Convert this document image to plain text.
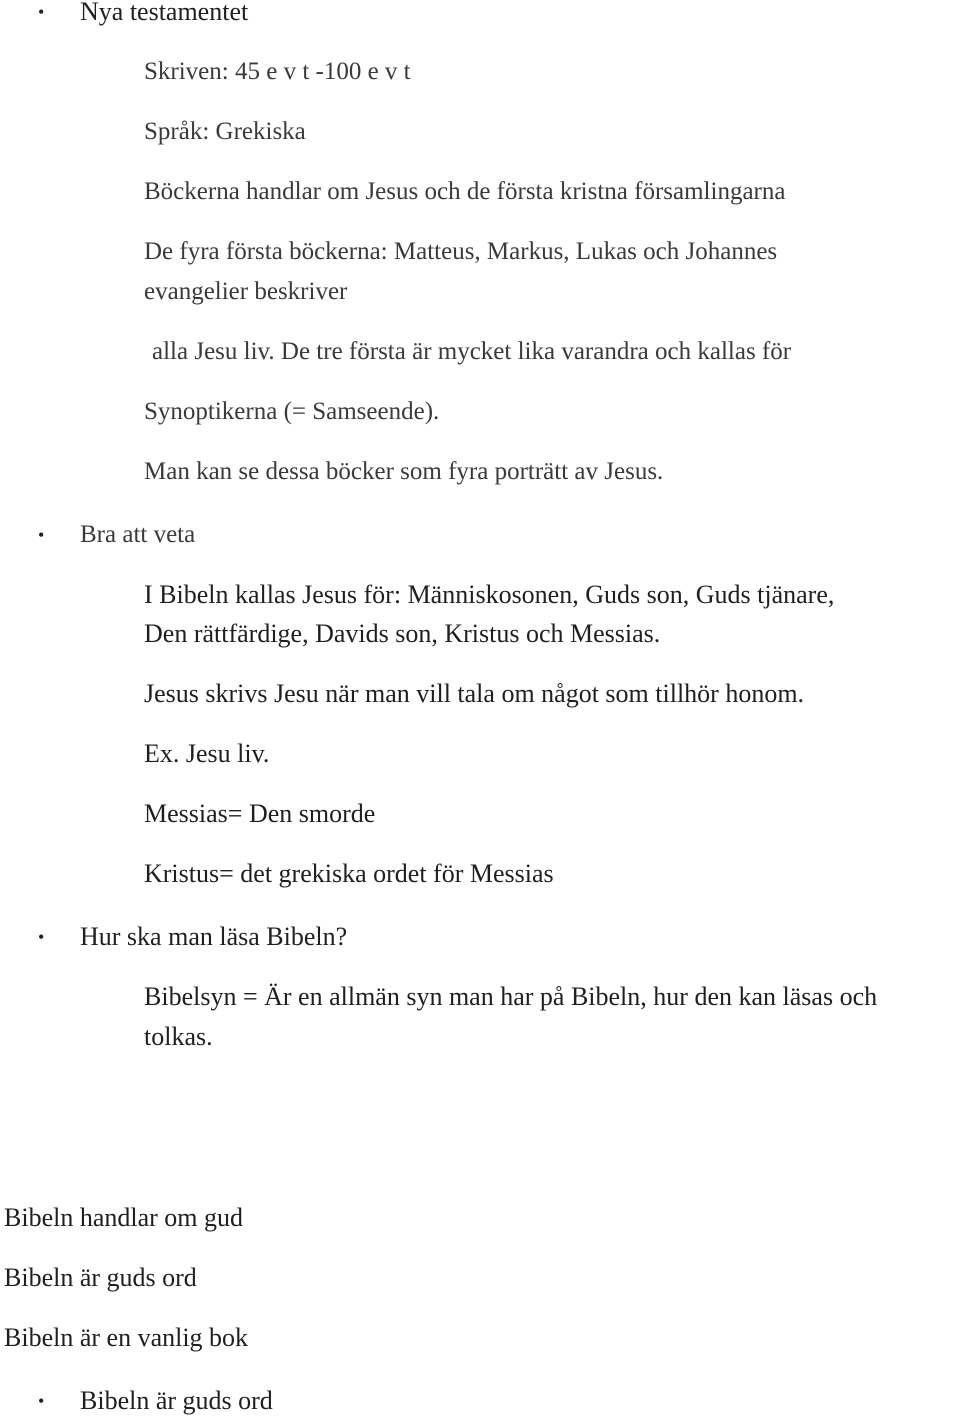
• Nya testamentet
Skriven: 45 e v t -100 e v t
Språk: Grekiska
Böckerna handlar om Jesus och de första kristna församlingarna
De fyra första böckerna: Matteus, Markus, Lukas och Johannes
evangelier beskriver
alla Jesu liv. De tre första är mycket lika varandra och kallas för
Synoptikerna (= Samseende).
Man kan se dessa böcker som fyra porträtt av Jesus.
• Bra att veta
I Bibeln kallas Jesus för: Människosonen, Guds son, Guds tjänare,
Den rättfärdige, Davids son, Kristus och Messias.
Jesus skrivs Jesu när man vill tala om något som tillhör honom.
Ex. Jesu liv.
Messias= Den smorde
Kristus= det grekiska ordet för Messias
• Hur ska man läsa Bibeln?
Bibelsyn = Är en allmän syn man har på Bibeln, hur den kan läsas och
tolkas.
Bibeln handlar om gud
Bibeln är guds ord
Bibeln är en vanlig bok
• Bibeln är guds ord
